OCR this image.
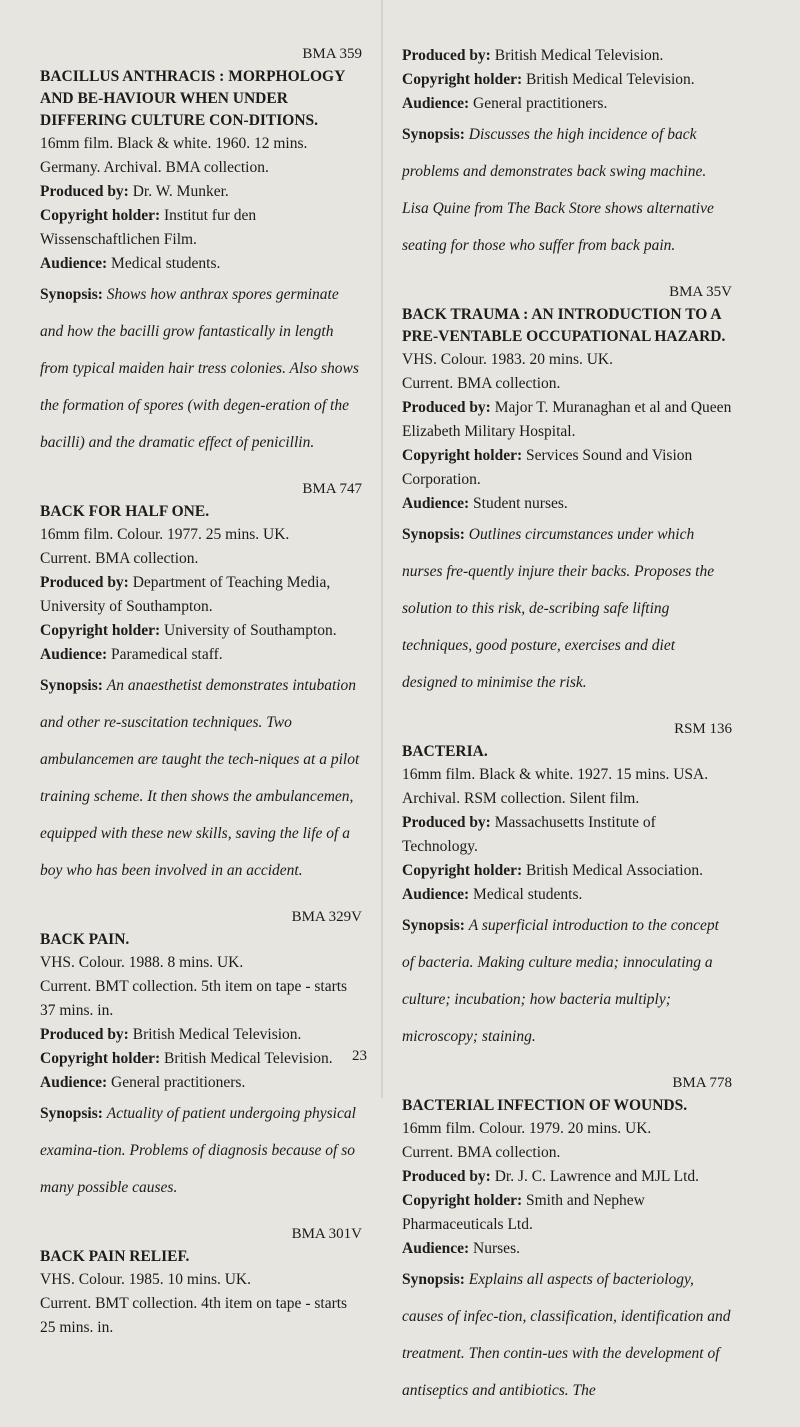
BMA 359
BACILLUS ANTHRACIS : MORPHOLOGY AND BE-HAVIOUR WHEN UNDER DIFFERING CULTURE CON-DITIONS.
16mm film. Black & white. 1960. 12 mins. Germany. Archival. BMA collection.
Produced by: Dr. W. Munker.
Copyright holder: Institut fur den Wissenschaftlichen Film.
Audience: Medical students.
Synopsis: Shows how anthrax spores germinate and how the bacilli grow fantastically in length from typical maiden hair tress colonies. Also shows the formation of spores (with degen-eration of the bacilli) and the dramatic effect of penicillin.
BMA 747
BACK FOR HALF ONE.
16mm film. Colour. 1977. 25 mins. UK.
Current. BMA collection.
Produced by: Department of Teaching Media, University of Southampton.
Copyright holder: University of Southampton.
Audience: Paramedical staff.
Synopsis: An anaesthetist demonstrates intubation and other re-suscitation techniques. Two ambulancemen are taught the tech-niques at a pilot training scheme. It then shows the ambulancemen, equipped with these new skills, saving the life of a boy who has been involved in an accident.
BMA 329V
BACK PAIN.
VHS. Colour. 1988. 8 mins. UK.
Current. BMT collection. 5th item on tape - starts 37 mins. in.
Produced by: British Medical Television.
Copyright holder: British Medical Television.
Audience: General practitioners.
Synopsis: Actuality of patient undergoing physical examina-tion. Problems of diagnosis because of so many possible causes.
BMA 301V
BACK PAIN RELIEF.
VHS. Colour. 1985. 10 mins. UK.
Current. BMT collection. 4th item on tape - starts 25 mins. in.
Produced by: British Medical Television.
Copyright holder: British Medical Television.
Audience: General practitioners.
Synopsis: Discusses the high incidence of back problems and demonstrates back swing machine. Lisa Quine from The Back Store shows alternative seating for those who suffer from back pain.
BMA 35V
BACK TRAUMA : AN INTRODUCTION TO A PRE-VENTABLE OCCUPATIONAL HAZARD.
VHS. Colour. 1983. 20 mins. UK.
Current. BMA collection.
Produced by: Major T. Muranaghan et al and Queen Elizabeth Military Hospital.
Copyright holder: Services Sound and Vision Corporation.
Audience: Student nurses.
Synopsis: Outlines circumstances under which nurses fre-quently injure their backs. Proposes the solution to this risk, de-scribing safe lifting techniques, good posture, exercises and diet designed to minimise the risk.
RSM 136
BACTERIA.
16mm film. Black & white. 1927. 15 mins. USA.
Archival. RSM collection. Silent film.
Produced by: Massachusetts Institute of Technology.
Copyright holder: British Medical Association.
Audience: Medical students.
Synopsis: A superficial introduction to the concept of bacteria. Making culture media; innoculating a culture; incubation; how bacteria multiply; microscopy; staining.
BMA 778
BACTERIAL INFECTION OF WOUNDS.
16mm film. Colour. 1979. 20 mins. UK.
Current. BMA collection.
Produced by: Dr. J. C. Lawrence and MJL Ltd.
Copyright holder: Smith and Nephew Pharmaceuticals Ltd.
Audience: Nurses.
Synopsis: Explains all aspects of bacteriology, causes of infec-tion, classification, identification and treatment. Then contin-ues with the development of antiseptics and antibiotics. The
23
